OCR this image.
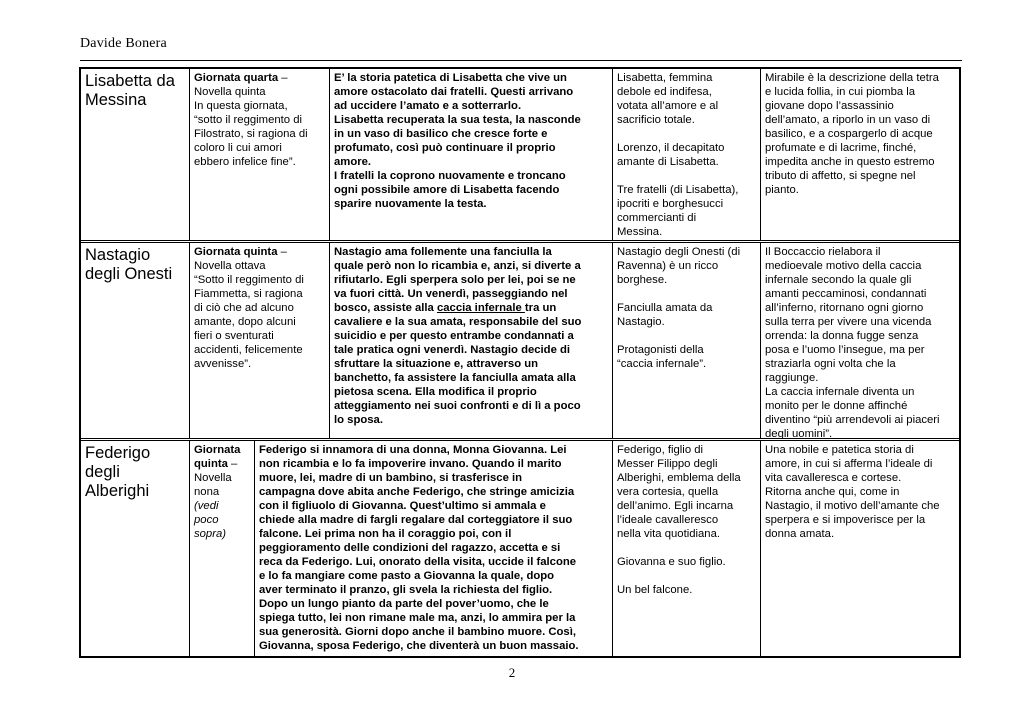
Davide Bonera
Lisabetta da
Messina
Giornata quarta –
Novella quinta
In questa giornata,
“sotto il reggimento di
Filostrato, si ragiona di
coloro li cui amori
ebbero infelice fine”.
E’ la storia patetica di Lisabetta che vive un
amore ostacolato dai fratelli. Questi arrivano
ad uccidere l’amato e a sotterrarlo.
Lisabetta recuperata la sua testa, la nasconde
in un vaso di basilico che cresce forte e
profumato, così può continuare il proprio
amore.
I fratelli la coprono nuovamente e troncano
ogni possibile amore di Lisabetta facendo
sparire nuovamente la testa.
Lisabetta, femmina
debole ed indifesa,
votata all’amore e al
sacrificio totale.
Lorenzo, il decapitato
amante di Lisabetta.
Tre fratelli (di Lisabetta),
ipocriti e borghesucci
commercianti di
Messina.
Mirabile è la descrizione della tetra
e lucida follia, in cui piomba la
giovane dopo l’assassinio
dell’amato, a riporlo in un vaso di
basilico, e a cospargerlo di acque
profumate e di lacrime, finché,
impedita anche in questo estremo
tributo di affetto, si spegne nel
pianto.
Nastagio
degli Onesti
Giornata quinta –
Novella ottava
“Sotto il reggimento di
Fiammetta, si ragiona
di ciò che ad alcuno
amante, dopo alcuni
fieri o sventurati
accidenti, felicemente
avvenisse”.
Nastagio ama follemente una fanciulla la
quale però non lo ricambia e, anzi, si diverte a
rifiutarlo. Egli sperpera solo per lei, poi se ne
va fuori città. Un venerdì, passeggiando nel
bosco, assiste alla caccia infernale tra un
cavaliere e la sua amata, responsabile del suo
suicidio e per questo entrambe condannati a
tale pratica ogni venerdì. Nastagio decide di
sfruttare la situazione e, attraverso un
banchetto, fa assistere la fanciulla amata alla
pietosa scena. Ella modifica il proprio
atteggiamento nei suoi confronti e di lì a poco
lo sposa.
Nastagio degli Onesti (di
Ravenna) è un ricco
borghese.
Fanciulla amata da
Nastagio.
Protagonisti della
“caccia infernale”.
Il Boccaccio rielabora il
medioevale motivo della caccia
infernale secondo la quale gli
amanti peccaminosi, condannati
all’inferno, ritornano ogni giorno
sulla terra per vivere una vicenda
orrenda: la donna fugge senza
posa e l’uomo l’insegue, ma per
straziarla ogni volta che la
raggiunge.
La caccia infernale diventa un
monito per le donne affinché
diventino “più arrendevoli ai piaceri
degli uomini”.
Federigo
degli
Alberighi
Giornata
quinta –
Novella
nona
(vedi
poco
sopra)
Federigo si innamora di una donna, Monna Giovanna. Lei
non ricambia e lo fa impoverire invano. Quando il marito
muore, lei, madre di un bambino, si trasferisce in
campagna dove abita anche Federigo, che stringe amicizia
con il figliuolo di Giovanna. Quest’ultimo si ammala e
chiede alla madre di fargli regalare dal corteggiatore il suo
falcone. Lei prima non ha il coraggio poi, con il
peggioramento delle condizioni del ragazzo, accetta e si
reca da Federigo. Lui, onorato della visita, uccide il falcone
e lo fa mangiare come pasto a Giovanna la quale, dopo
aver terminato il pranzo, gli svela la richiesta del figlio.
Dopo un lungo pianto da parte del pover’uomo, che le
spiega tutto, lei non rimane male ma, anzi, lo ammira per la
sua generosità. Giorni dopo anche il bambino muore. Così,
Giovanna, sposa Federigo, che diventerà un buon massaio.
Federigo, figlio di
Messer Filippo degli
Alberighi, emblema della
vera cortesia, quella
dell’animo. Egli incarna
l’ideale cavalleresco
nella vita quotidiana.
Giovanna e suo figlio.
Un bel falcone.
Una nobile e patetica storia di
amore, in cui si afferma l’ideale di
vita cavalleresca e cortese.
Ritorna anche qui, come in
Nastagio, il motivo dell’amante che
sperpera e si impoverisce per la
donna amata.
2
